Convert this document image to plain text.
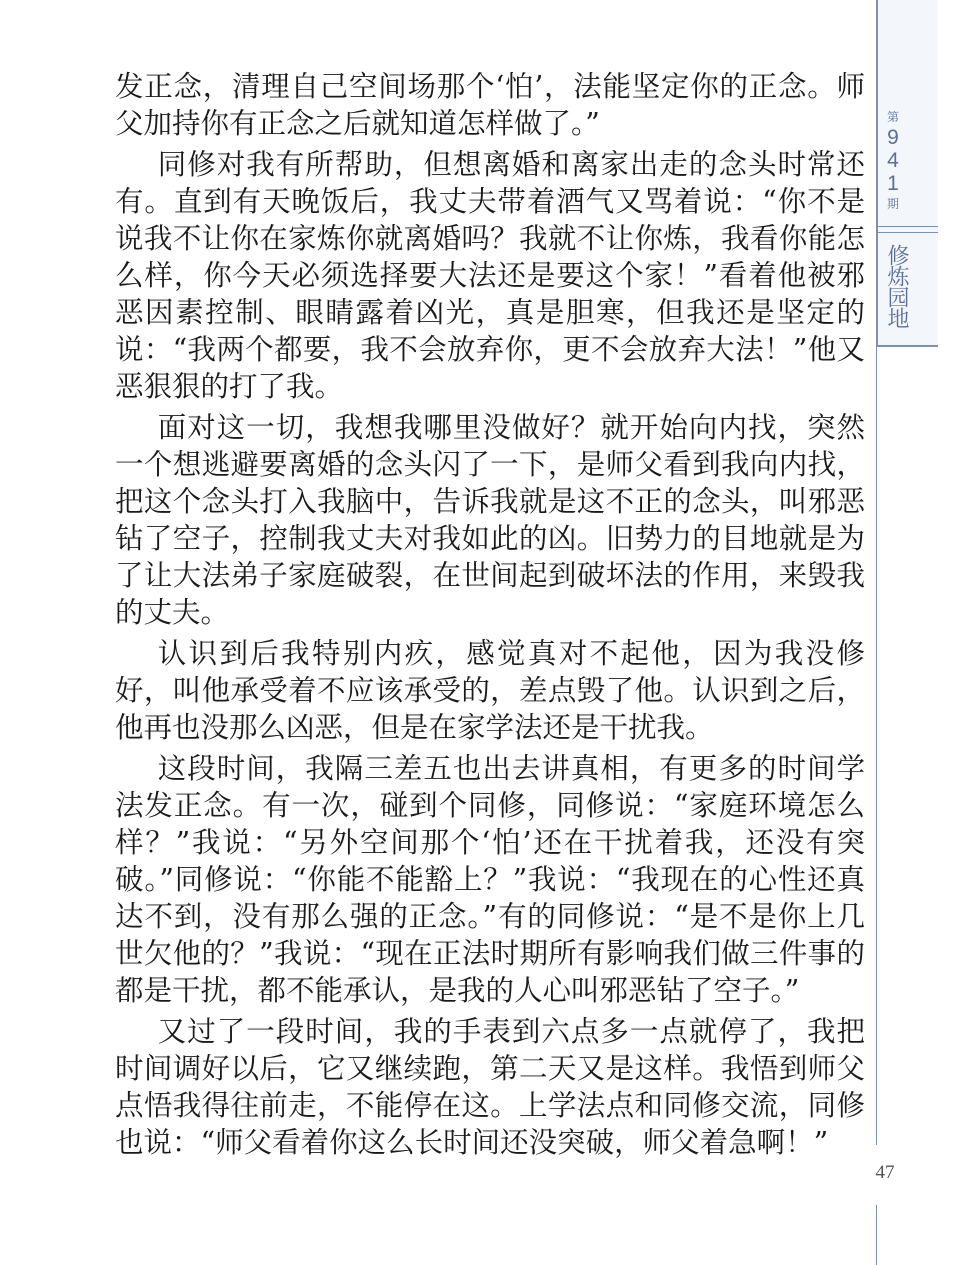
发正念，清理自己空间场那个‘怕’，法能坚定你的正念。师父加持你有正念之后就知道怎样做了。”

同修对我有所帮助，但想离婚和离家出走的念头时常还有。直到有天晚饭后，我丈夫带着酒气又骂着说：“你不是说我不让你在家炼你就离婚吗？我就不让你炼，我看你能怎么样，你今天必须选择要大法还是要这个家！”看着他被邪恶因素控制、眼睛露着凶光，真是胆寒，但我还是坚定的说：“我两个都要，我不会放弃你，更不会放弃大法！”他又恶狠狠的打了我。

面对这一切，我想我哪里没做好？就开始向内找，突然一个想逃避要离婚的念头闪了一下，是师父看到我向内找，把这个念头打入我脑中，告诉我就是这不正的念头，叫邪恶钻了空子，控制我丈夫对我如此的凶。旧势力的目地就是为了让大法弟子家庭破裂，在世间起到破坏法的作用，来毁我的丈夫。

认识到后我特别内疚，感觉真对不起他，因为我没修好，叫他承受着不应该承受的，差点毁了他。认识到之后，他再也没那么凶恶，但是在家学法还是干扰我。

这段时间，我隔三差五也出去讲真相，有更多的时间学法发正念。有一次，碰到个同修，同修说：“家庭环境怎么样？”我说：“另外空间那个‘怕’还在干扰着我，还没有突破。”同修说：“你能不能豁上？”我说：“我现在的心性还真达不到，没有那么强的正念。”有的同修说：“是不是你上几世欠他的？”我说：“现在正法时期所有影响我们做三件事的都是干扰，都不能承认，是我的人心叫邪恶钻了空子。”

又过了一段时间，我的手表到六点多一点就停了，我把时间调好以后，它又继续跑，第二天又是这样。我悟到师父点悟我得往前走，不能停在这。上学法点和同修交流，同修也说：“师父看着你这么长时间还没突破，师父着急啊！”

第
9
4
1
期
修炼园地
47
